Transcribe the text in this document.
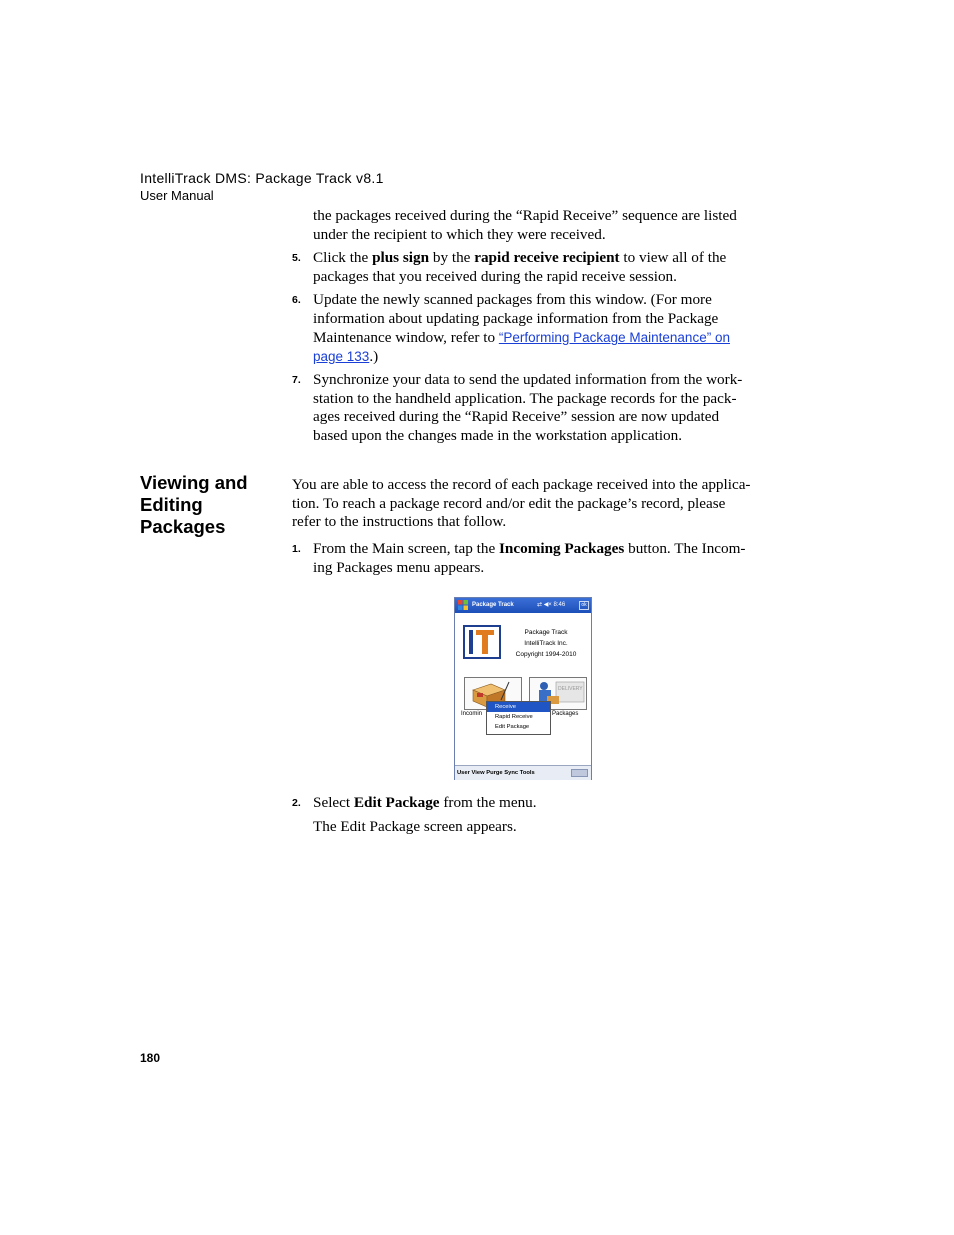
IntelliTrack DMS: Package Track v8.1
User Manual
the packages received during the “Rapid Receive” sequence are listed
under the recipient to which they were received.
5. Click the plus sign by the rapid receive recipient to view all of the
packages that you received during the rapid receive session.
6. Update the newly scanned packages from this window. (For more
information about updating package information from the Package
Maintenance window, refer to “Performing Package Maintenance” on
page 133.)
7. Synchronize your data to send the updated information from the work-
station to the handheld application. The package records for the pack-
ages received during the “Rapid Receive” session are now updated
based upon the changes made in the workstation application.
Viewing and
Editing
Packages
You are able to access the record of each package received into the applica-
tion. To reach a package record and/or edit the package’s record, please
refer to the instructions that follow.
1. From the Main screen, tap the Incoming Packages button. The Incom-
ing Packages menu appears.
Package Track	⇄ ◀× 8:46	ok
Package Track
IntelliTrack Inc.
Copyright 1994-2010
DELIVERY
Incomin	Packages
Receive
Rapid Receive
Edit Package
User View Purge Sync Tools
2. Select Edit Package from the menu.
The Edit Package screen appears.
180
